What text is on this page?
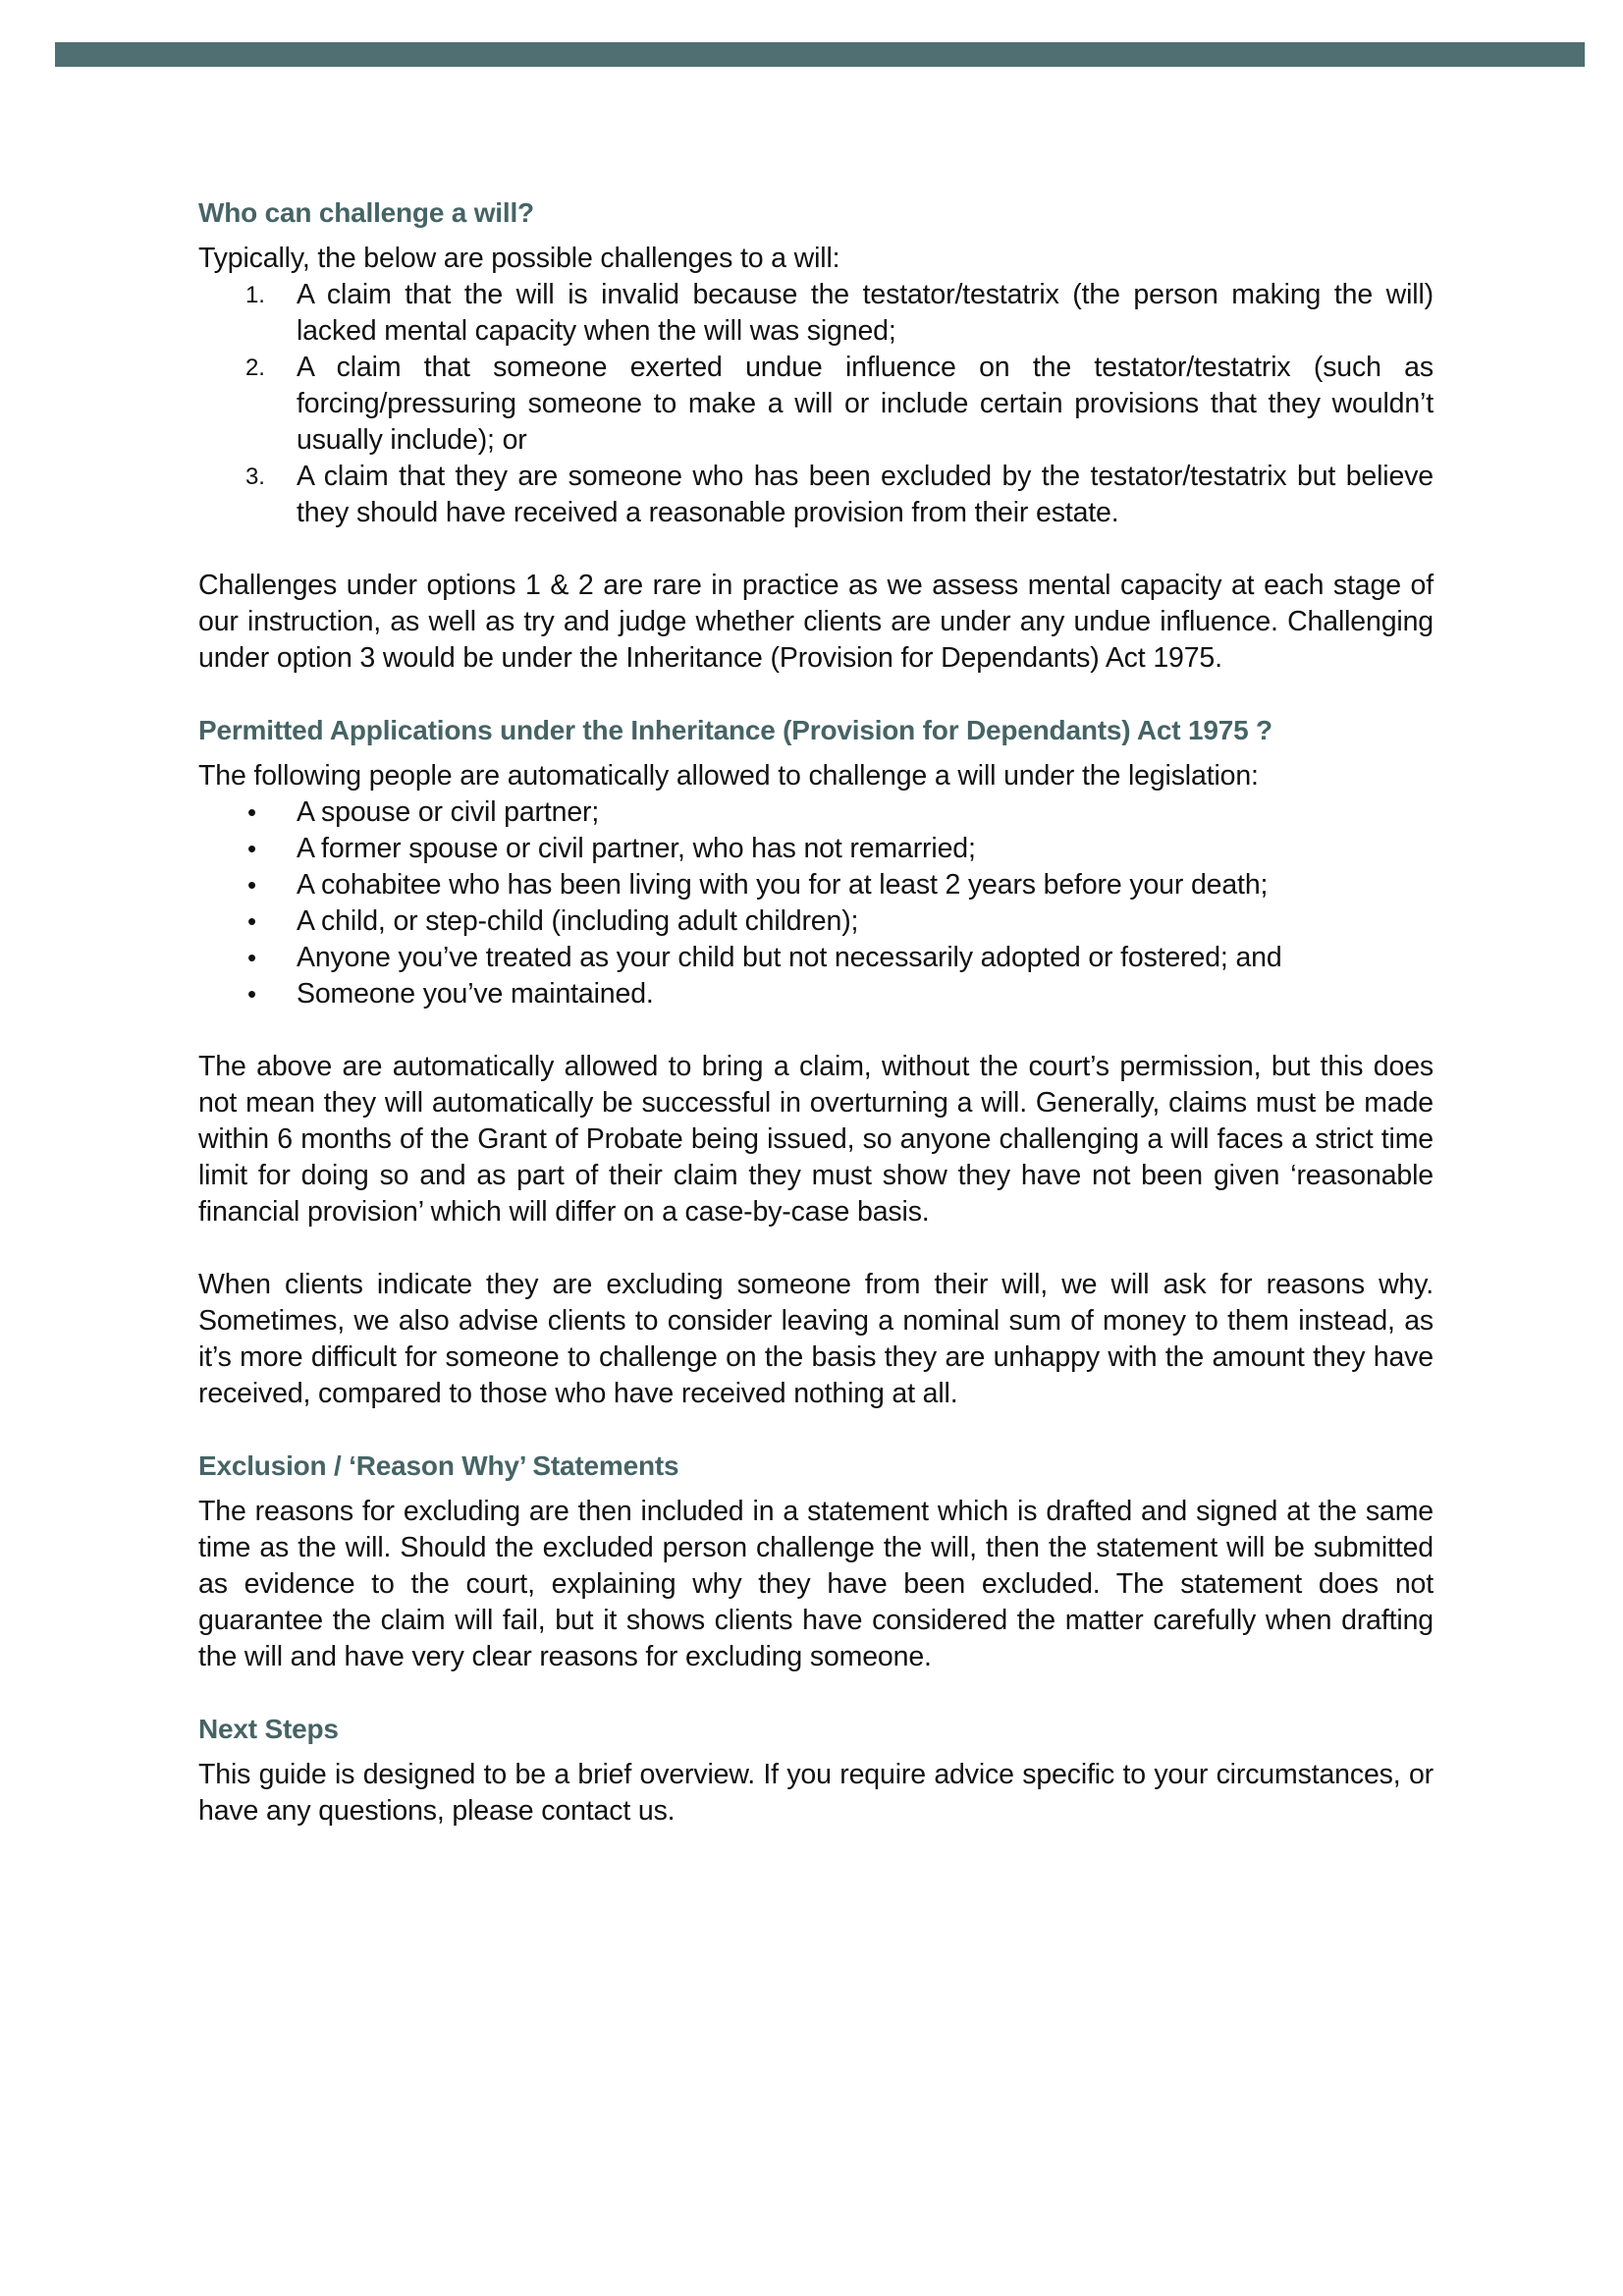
Who can challenge a will?

Typically, the below are possible challenges to a will:

1. A claim that the will is invalid because the testator/testatrix (the person making the will) lacked mental capacity when the will was signed;
2. A claim that someone exerted undue influence on the testator/testatrix (such as forcing/pressuring someone to make a will or include certain provisions that they wouldn’t usually include); or
3. A claim that they are someone who has been excluded by the testator/testatrix but believe they should have received a reasonable provision from their estate.

Challenges under options 1 & 2 are rare in practice as we assess mental capacity at each stage of our instruction, as well as try and judge whether clients are under any undue influence. Challenging under option 3 would be under the Inheritance (Provision for Dependants) Act 1975.

Permitted Applications under the Inheritance (Provision for Dependants) Act 1975 ?

The following people are automatically allowed to challenge a will under the legislation:

• A spouse or civil partner;
• A former spouse or civil partner, who has not remarried;
• A cohabitee who has been living with you for at least 2 years before your death;
• A child, or step-child (including adult children);
• Anyone you’ve treated as your child but not necessarily adopted or fostered; and
• Someone you’ve maintained.

The above are automatically allowed to bring a claim, without the court’s permission, but this does not mean they will automatically be successful in overturning a will. Generally, claims must be made within 6 months of the Grant of Probate being issued, so anyone challenging a will faces a strict time limit for doing so and as part of their claim they must show they have not been given ‘reasonable financial provision’ which will differ on a case-by-case basis.

When clients indicate they are excluding someone from their will, we will ask for reasons why. Sometimes, we also advise clients to consider leaving a nominal sum of money to them instead, as it’s more difficult for someone to challenge on the basis they are unhappy with the amount they have received, compared to those who have received nothing at all.

Exclusion / ‘Reason Why’ Statements

The reasons for excluding are then included in a statement which is drafted and signed at the same time as the will. Should the excluded person challenge the will, then the statement will be submitted as evidence to the court, explaining why they have been excluded. The statement does not guarantee the claim will fail, but it shows clients have considered the matter carefully when drafting the will and have very clear reasons for excluding someone.

Next Steps

This guide is designed to be a brief overview. If you require advice specific to your circumstances, or have any questions, please contact us.
